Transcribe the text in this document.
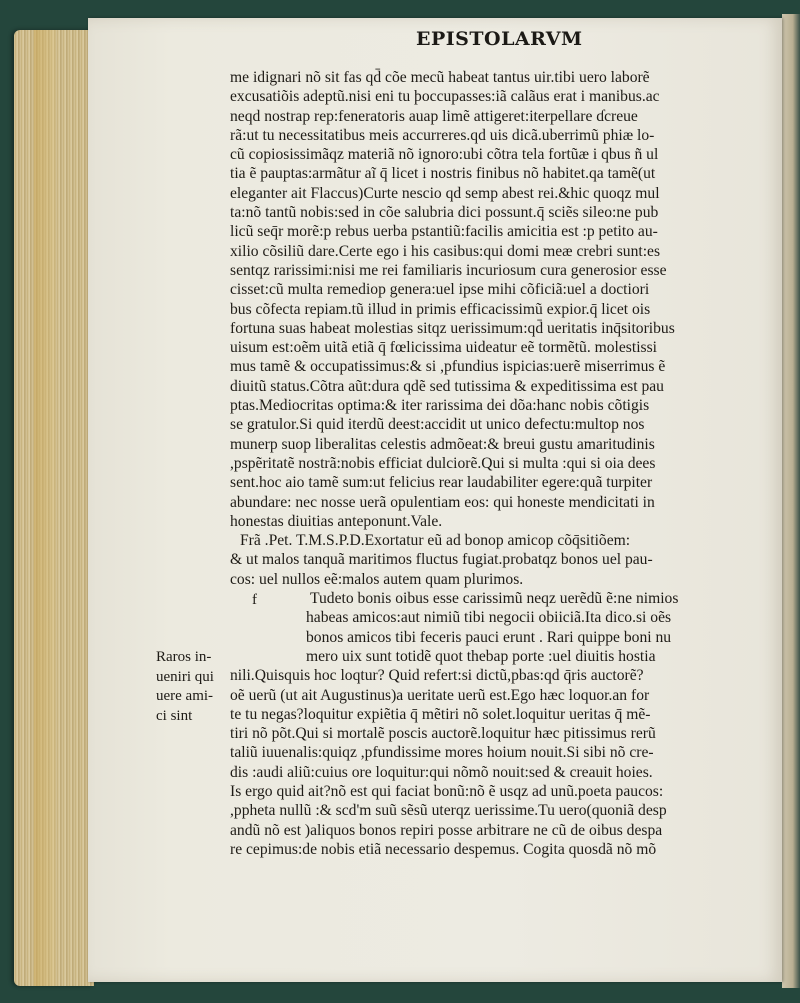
EPISTOLARVM
me idignari nõ sit fas qd̄ cõe mecũ habeat tantus uir.tibi uero laborẽ
excusatiõis adeptũ.nisi eni tu þoccupasses:iã calãus erat i manibus.ac
neqd nostrap rep:feneratoris auap limẽ attigeret:iterpellare ɗcreue
rã:ut tu necessitatibus meis accurreres.qd uis dicã.uberrimũ phiæ lo-
cũ copiosissimãqz materiã nõ ignoro:ubi cõtra tela fortũæ i qbus ñ ul
tia ẽ pauptas:armãtur aĩ q̄ licet i nostris finibus nõ habitet.qa tamẽ(ut
eleganter ait Flaccus)Curte nescio qd semp abest rei.&hic quoqz mul
ta:nõ tantũ nobis:sed in cõe salubria dici possunt.q̄ sciẽs sileo:ne pub
licũ seq̄r morẽ:p rebus uerba pstantiũ:facilis amicitia est :p petito au-
xilio cõsiliũ dare.Certe ego i his casibus:qui domi meæ crebri sunt:es
sentqz rarissimi:nisi me rei familiaris incuriosum cura generosior esse
cisset:cũ multa remediop genera:uel ipse mihi cõficiã:uel a doctiori
bus cõfecta repiam.tũ illud in primis efficacissimũ expior.q̄ licet ois
fortuna suas habeat molestias sitqz uerissimum:qd̄ ueritatis inq̄sitoribus
uisum est:oẽm uitã etiã q̄ fœlicissima uideatur eẽ tormẽtũ. molestissi
mus tamẽ & occupatissimus:& si ,pfundius ispicias:uerẽ miserrimus ẽ
diuitũ status.Cõtra aũt:dura qdẽ sed tutissima & expeditissima est pau
ptas.Mediocritas optima:& iter rarissima dei dõa:hanc nobis cõtigis
se gratulor.Si quid iterdũ deest:accidit ut unico defectu:multop nos
munerp suop liberalitas celestis admõeat:& breui gustu amaritudinis
,pspẽritatẽ nostrã:nobis efficiat dulciorẽ.Qui si multa :qui si oia dees
sent.hoc aio tamẽ sum:ut felicius rear laudabiliter egere:quã turpiter
abundare: nec nosse uerã opulentiam eos: qui honeste mendicitati in
honestas diuitias anteponunt.Vale.
Frã .Pet. T.M.S.P.D.Exortatur eũ ad bonop amicop cõq̄sitiõem:
& ut malos tanquã maritimos fluctus fugiat.probatqz bonos uel pau-
cos: uel nullos eẽ:malos autem quam plurimos.
Tudeto bonis oibus esse carissimũ neqz uerẽdũ ẽ:ne nimios
habeas amicos:aut nimiũ tibi negocii obiiciã.Ita dico.si oẽs
bonos amicos tibi feceris pauci erunt . Rari quippe boni nu
mero uix sunt totidẽ quot thebap porte :uel diuitis hostia
nili.Quisquis hoc loqtur? Quid refert:si dictũ,pbas:qd q̄ris auctorẽ?
oẽ uerũ (ut ait Augustinus)a ueritate uerũ est.Ego hæc loquor.an for
te tu negas?loquitur expiẽtia q̄ mẽtiri nõ solet.loquitur ueritas q̄ mẽ-
tiri nõ põt.Qui si mortalẽ poscis auctorẽ.loquitur hæc pitissimus rerũ
taliũ iuuenalis:quiqz ,pfundissime mores hoium nouit.Si sibi nõ cre-
dis :audi aliũ:cuius ore loquitur:qui nõmõ nouit:sed & creauit hoies.
Is ergo quid ait?nõ est qui faciat bonũ:nõ ẽ usqz ad unũ.poeta paucos:
,ppheta nullũ :& scd'm suũ sẽsũ uterqz uerissime.Tu uero(quoniã desp
andũ nõ est )aliquos bonos repiri posse arbitrare ne cũ de oibus despa
re cepimus:de nobis etiã necessario despemus. Cogita quosdã nõ mõ
f
Raros in-
ueniri qui
uere ami-
ci sint
